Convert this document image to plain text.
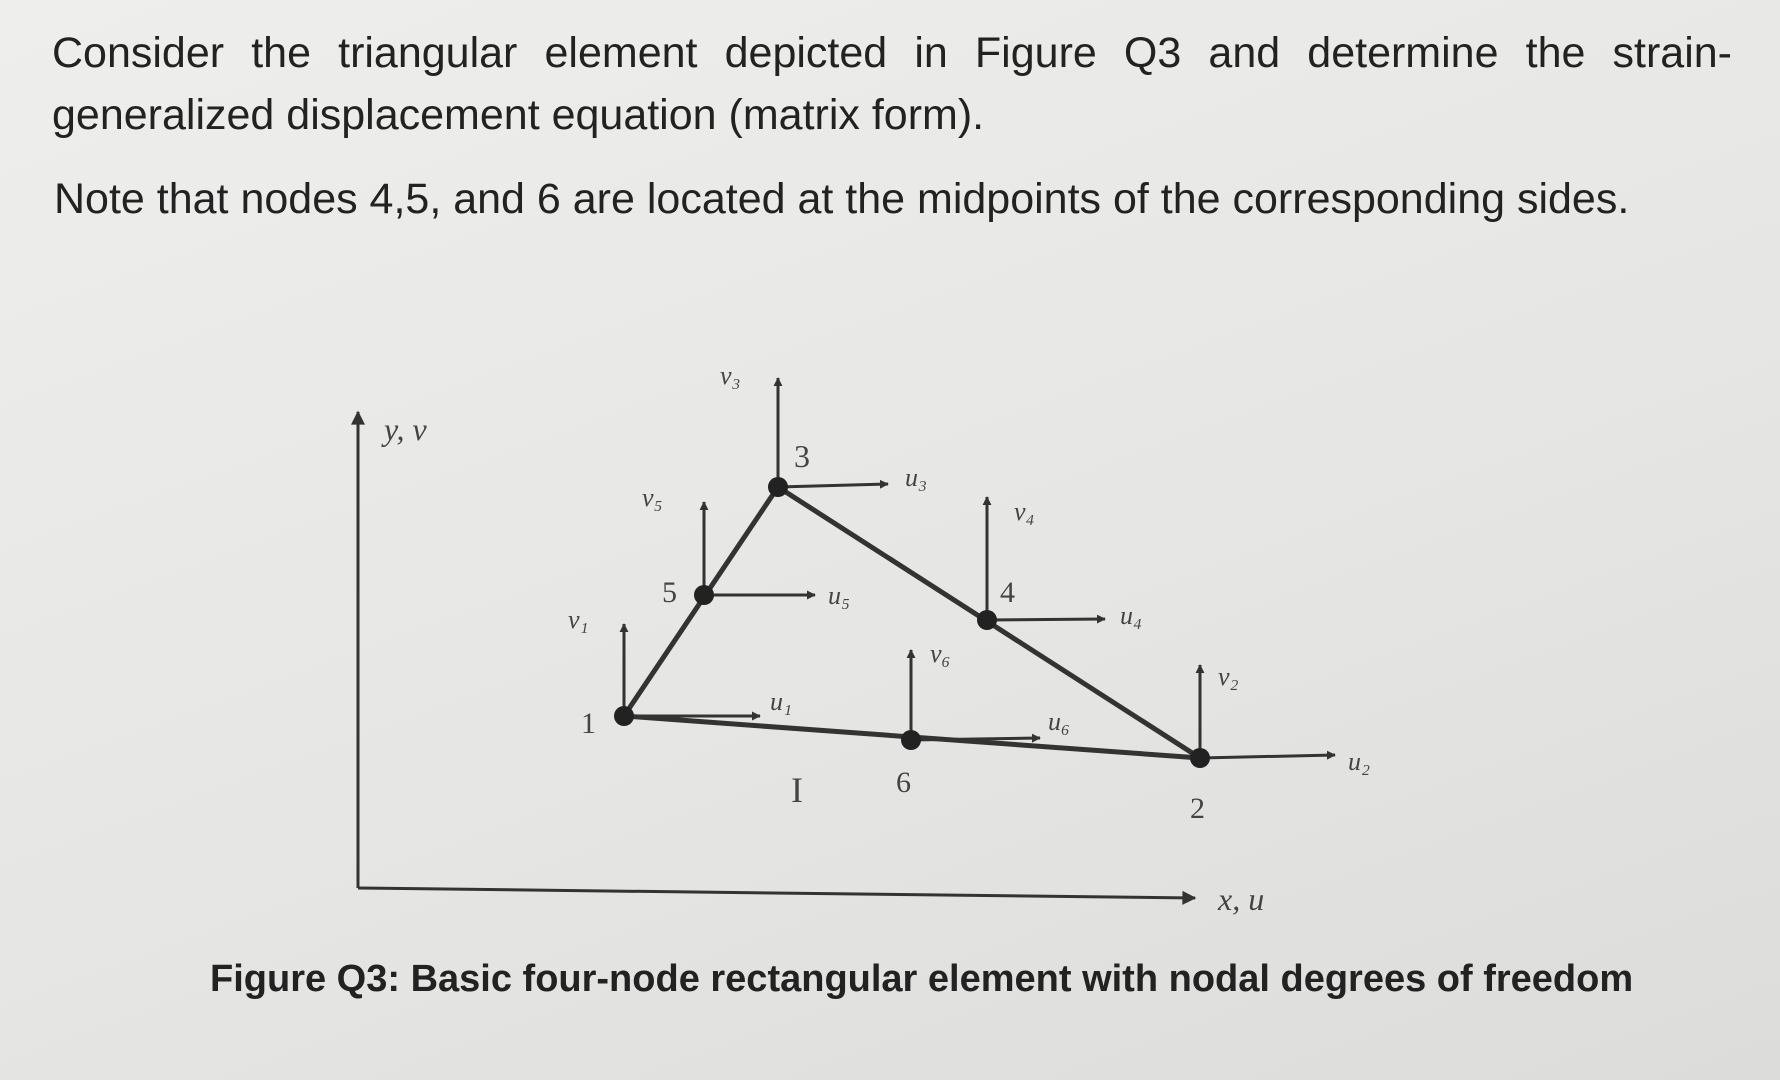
Consider the triangular element depicted in Figure Q3 and determine the strain-generalized displacement equation (matrix form).

Note that nodes 4,5, and 6 are located at the midpoints of the corresponding sides.

y, v
x, u
1
2
3
4
5
6
u₁
v₁
u₂
v₂
u₃
v₃
u₄
v₄
u₅
v₅
u₆
v₆
I

Figure Q3: Basic four-node rectangular element with nodal degrees of freedom
